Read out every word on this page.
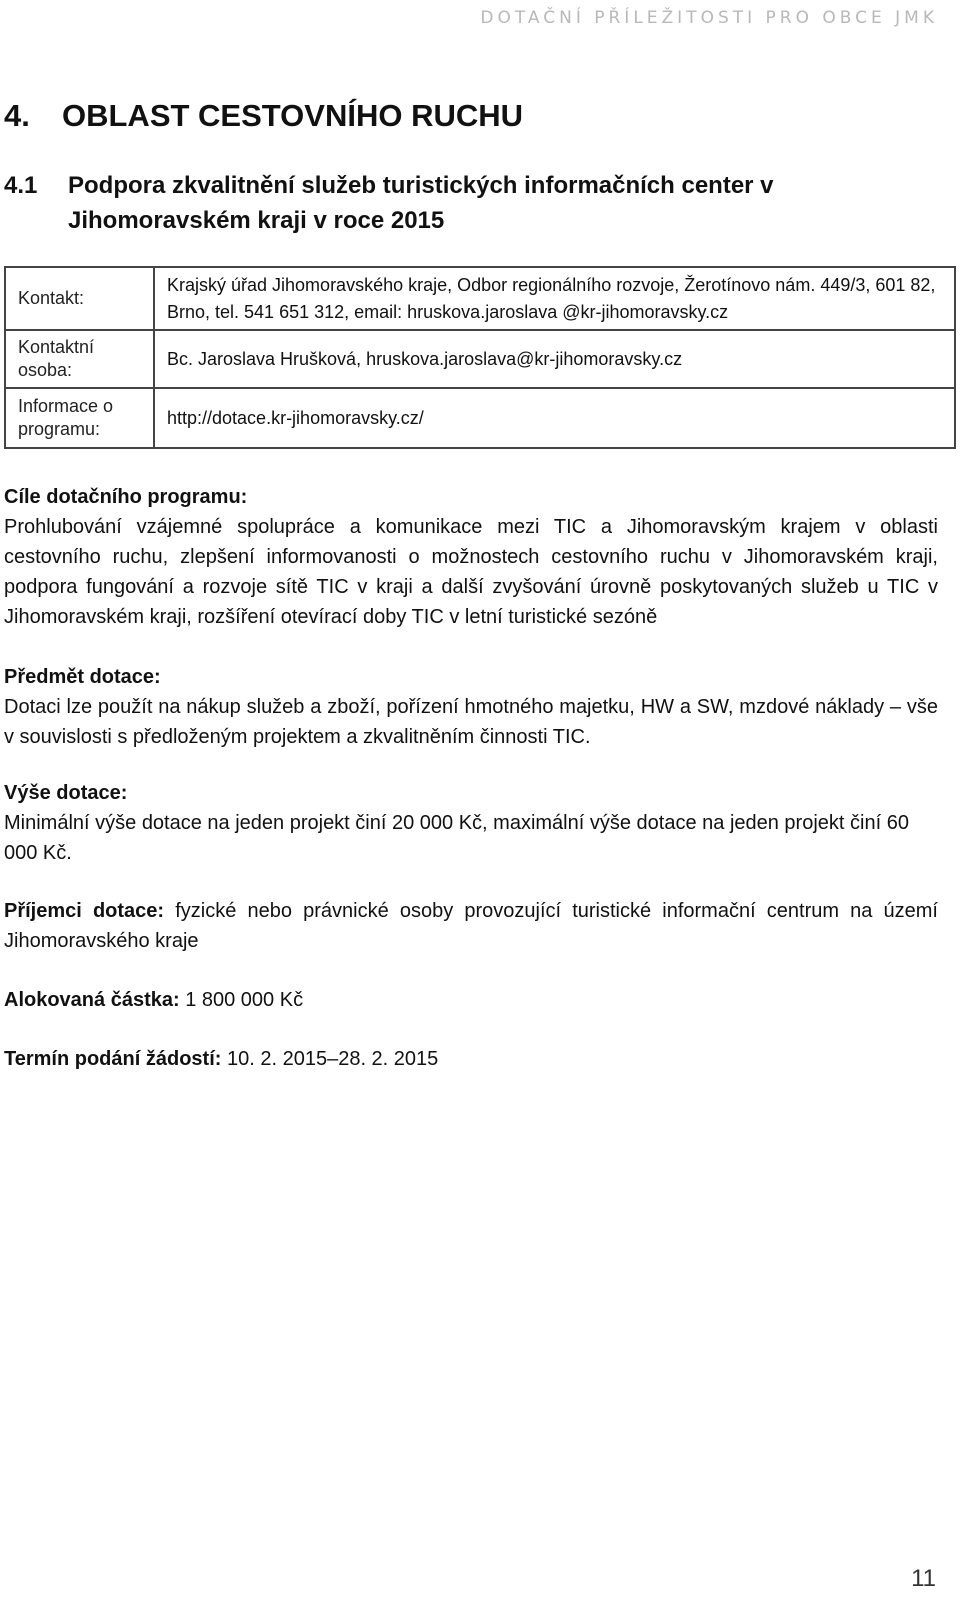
DOTAČNÍ PŘÍLEŽITOSTI PRO OBCE JMK
4. OBLAST CESTOVNÍHO RUCHU
4.1 Podpora zkvalitnění služeb turistických informačních center v Jihomoravském kraji v roce 2015
Kontakt:	Krajský úřad Jihomoravského kraje, Odbor regionálního rozvoje, Žerotínovo nám. 449/3, 601 82, Brno, tel. 541 651 312, email: hruskova.jaroslava @kr-jihomoravsky.cz
Kontaktní osoba:	Bc. Jaroslava Hrušková, hruskova.jaroslava@kr-jihomoravsky.cz
Informace o programu:	http://dotace.kr-jihomoravsky.cz/
Cíle dotačního programu:
Prohlubování vzájemné spolupráce a komunikace mezi TIC a Jihomoravským krajem v oblasti cestovního ruchu, zlepšení informovanosti o možnostech cestovního ruchu v Jihomoravském kraji, podpora fungování a rozvoje sítě TIC v kraji a další zvyšování úrovně poskytovaných služeb u TIC v Jihomoravském kraji, rozšíření otevírací doby TIC v letní turistické sezóně
Předmět dotace:
Dotaci lze použít na nákup služeb a zboží, pořízení hmotného majetku, HW a SW, mzdové náklady – vše v souvislosti s předloženým projektem a zkvalitněním činnosti TIC.
Výše dotace:
Minimální výše dotace na jeden projekt činí 20 000 Kč, maximální výše dotace na jeden projekt činí 60 000 Kč.
Příjemci dotace: fyzické nebo právnické osoby provozující turistické informační centrum na území Jihomoravského kraje
Alokovaná částka: 1 800 000 Kč
Termín podání žádostí: 10. 2. 2015–28. 2. 2015
11
